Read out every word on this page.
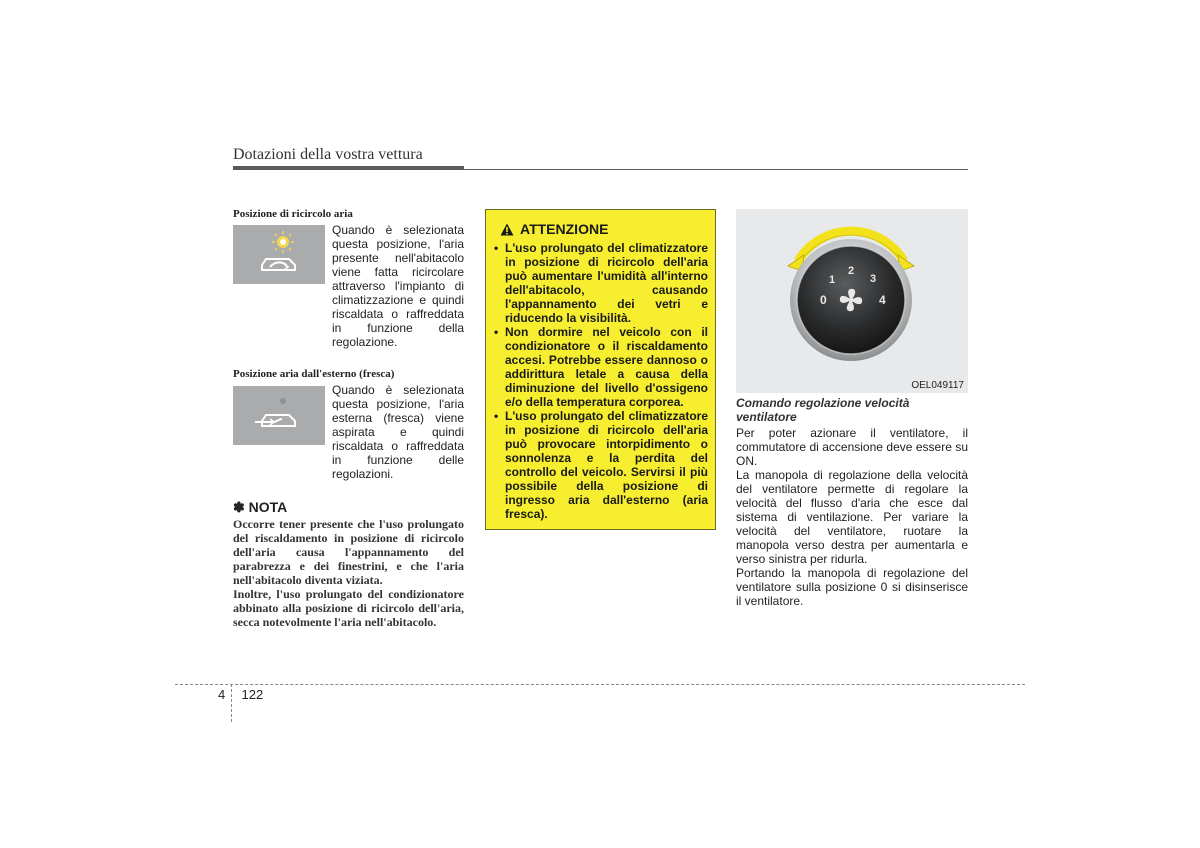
Dotazioni della vostra vettura
Posizione di ricircolo aria
Quando è selezionata questa posizione, l'aria presente nell'abitacolo viene fatta ricircolare attraverso l'impianto di climatizzazione e quindi riscaldata o raffreddata in funzione della regolazione.
Posizione aria dall'esterno (fresca)
Quando è selezionata questa posizione, l'aria esterna (fresca) viene aspirata e quindi riscaldata o raffreddata in funzione delle regolazioni.
✽ NOTA
Occorre tener presente che l'uso prolungato del riscaldamento in posizione di ricircolo dell'aria causa l'appannamento del parabrezza e dei finestrini, e che l'aria nell'abitacolo diventa viziata.
Inoltre, l'uso prolungato del condizionatore abbinato alla posizione di ricircolo dell'aria, secca notevolmente l'aria nell'abitacolo.
ATTENZIONE
• L'uso prolungato del climatizzatore in posizione di ricircolo dell'aria può aumentare l'umidità all'interno dell'abitacolo, causando l'appannamento dei vetri e riducendo la visibilità.
• Non dormire nel veicolo con il condizionatore o il riscaldamento accesi. Potrebbe essere dannoso o addirittura letale a causa della diminuzione del livello d'ossigeno e/o della temperatura corporea.
• L'uso prolungato del climatizzatore in posizione di ricircolo dell'aria può provocare intorpidimento o sonnolenza e la perdita del controllo del veicolo. Servirsi il più possibile della posizione di ingresso aria dall'esterno (aria fresca).
0
1
2
3
4
OEL049117
Comando regolazione velocità ventilatore

Per poter azionare il ventilatore, il commutatore di accensione deve essere su ON.

La manopola di regolazione della velocità del ventilatore permette di regolare la velocità del flusso d'aria che esce dal sistema di ventilazione. Per variare la velocità del ventilatore, ruotare la manopola verso destra per aumentarla e verso sinistra per ridurla.

Portando la manopola di regolazione del ventilatore sulla posizione 0 si disinserisce il ventilatore.

4 122
